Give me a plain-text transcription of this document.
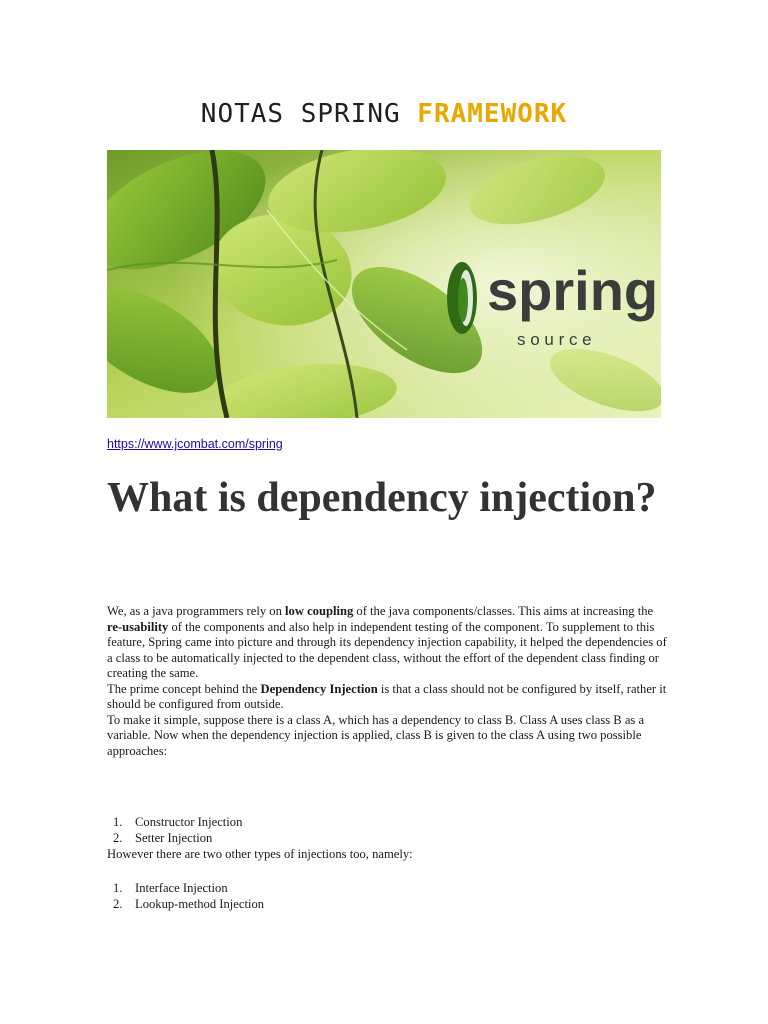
NOTAS SPRING FRAMEWORK
spring
s o u r c e
https://www.jcombat.com/spring
What is dependency injection?

We, as a java programmers rely on low coupling of the java components/classes. This aims at increasing the re-usability of the components and also help in independent testing of the component. To supplement to this feature, Spring came into picture and through its dependency injection capability, it helped the dependencies of a class to be automatically injected to the dependent class, without the effort of the dependent class finding or creating the same.

The prime concept behind the Dependency Injection is that a class should not be configured by itself, rather it should be configured from outside.

To make it simple, suppose there is a class A, which has a dependency to class B. Class A uses class B as a variable. Now when the dependency injection is applied, class B is given to the class A using two possible approaches:

1. Constructor Injection
2. Setter Injection
However there are two other types of injections too, namely:
1. Interface Injection
2. Lookup-method Injection
